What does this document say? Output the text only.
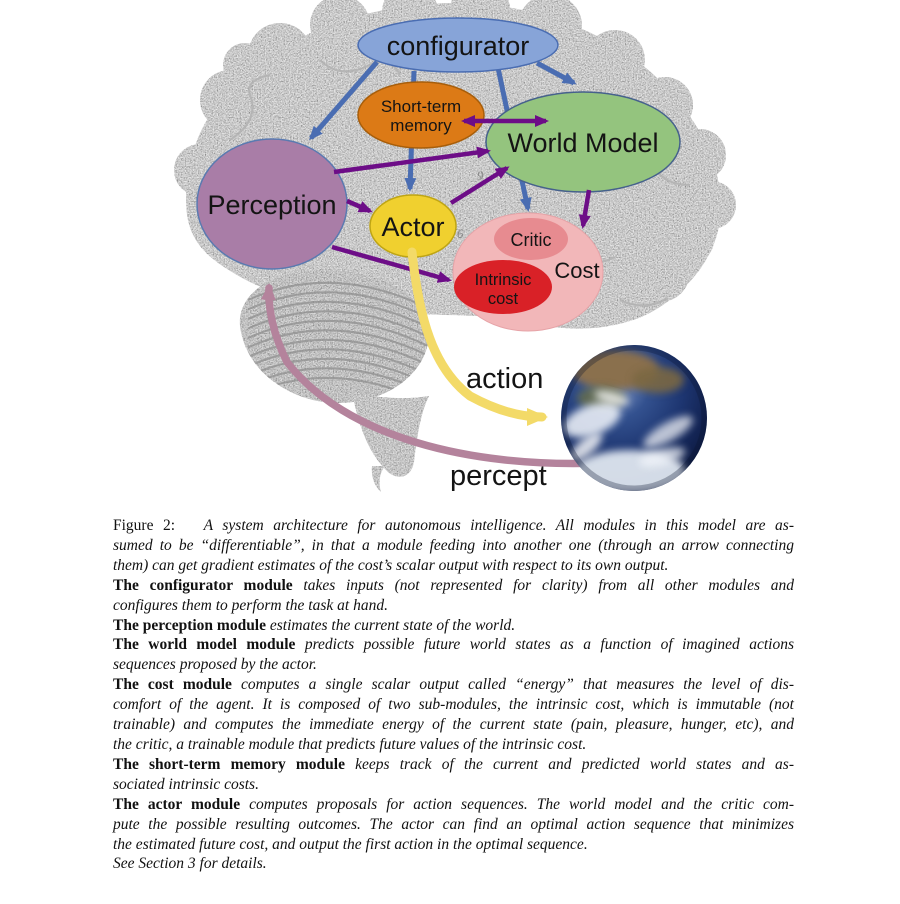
9
6
Short-term
memory
World Model
configurator
Perception
Actor	Critic
Cost
Intrinsic
cost
action
percept
Figure 2:   A system architecture for autonomous intelligence. All modules in this model are as-
sumed to be “differentiable”, in that a module feeding into another one (through an arrow connecting
them) can get gradient estimates of the cost’s scalar output with respect to its own output.
The configurator module takes inputs (not represented for clarity) from all other modules and
configures them to perform the task at hand.
The perception module estimates the current state of the world.
The world model module predicts possible future world states as a function of imagined actions
sequences proposed by the actor.
The cost module computes a single scalar output called “energy” that measures the level of dis-
comfort of the agent. It is composed of two sub-modules, the intrinsic cost, which is immutable (not
trainable) and computes the immediate energy of the current state (pain, pleasure, hunger, etc), and
the critic, a trainable module that predicts future values of the intrinsic cost.
The short-term memory module keeps track of the current and predicted world states and as-
sociated intrinsic costs.
The actor module computes proposals for action sequences. The world model and the critic com-
pute the possible resulting outcomes. The actor can find an optimal action sequence that minimizes
the estimated future cost, and output the first action in the optimal sequence.
See Section 3 for details.
